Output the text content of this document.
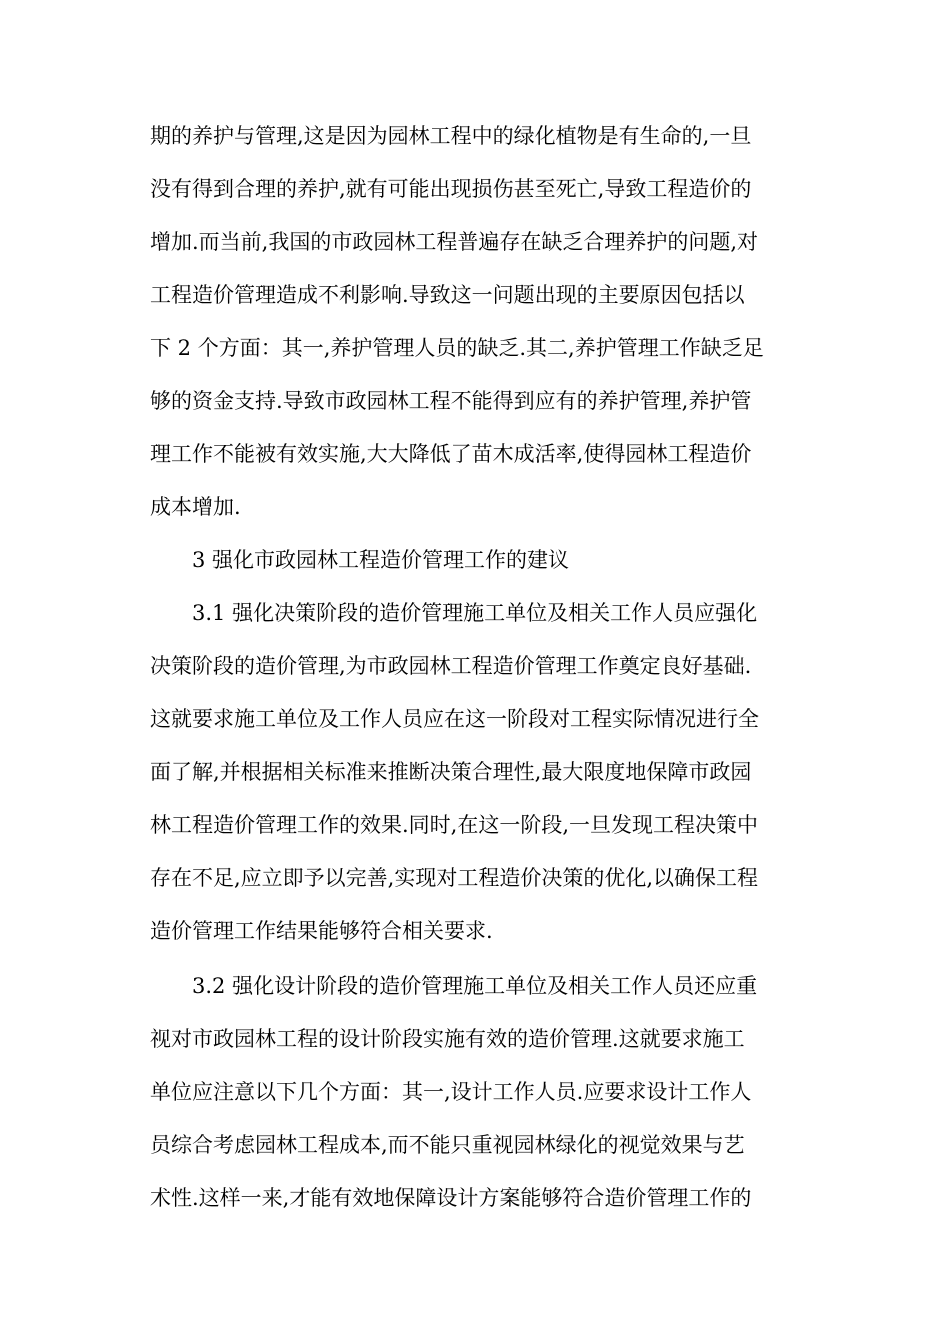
期的养护与管理,这是因为园林工程中的绿化植物是有生命的,一旦
没有得到合理的养护,就有可能出现损伤甚至死亡,导致工程造价的
增加.而当前,我国的市政园林工程普遍存在缺乏合理养护的问题,对
工程造价管理造成不利影响.导致这一问题出现的主要原因包括以
下 2 个方面：其一,养护管理人员的缺乏.其二,养护管理工作缺乏足
够的资金支持.导致市政园林工程不能得到应有的养护管理,养护管
理工作不能被有效实施,大大降低了苗木成活率,使得园林工程造价
成本增加.
3 强化市政园林工程造价管理工作的建议
3.1 强化决策阶段的造价管理施工单位及相关工作人员应强化
决策阶段的造价管理,为市政园林工程造价管理工作奠定良好基础.
这就要求施工单位及工作人员应在这一阶段对工程实际情况进行全
面了解,并根据相关标准来推断决策合理性,最大限度地保障市政园
林工程造价管理工作的效果.同时,在这一阶段,一旦发现工程决策中
存在不足,应立即予以完善,实现对工程造价决策的优化,以确保工程
造价管理工作结果能够符合相关要求.
3.2 强化设计阶段的造价管理施工单位及相关工作人员还应重
视对市政园林工程的设计阶段实施有效的造价管理.这就要求施工
单位应注意以下几个方面：其一,设计工作人员.应要求设计工作人
员综合考虑园林工程成本,而不能只重视园林绿化的视觉效果与艺
术性.这样一来,才能有效地保障设计方案能够符合造价管理工作的
